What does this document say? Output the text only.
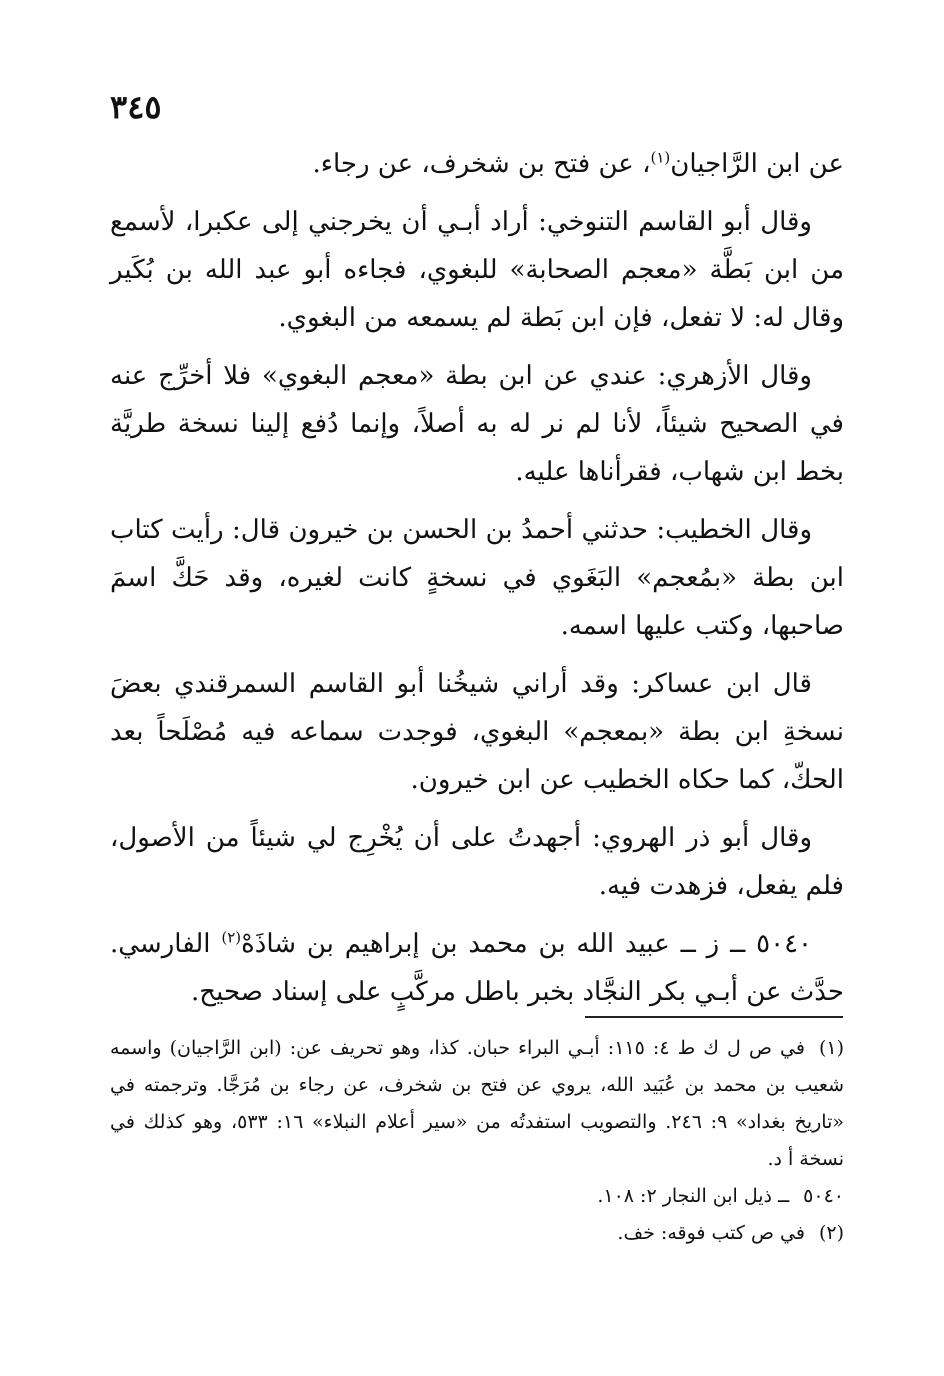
٣٤٥

عن ابن الرَّاجيان$^{(١)}$، عن فتح بن شخرف، عن رجاء.

وقال أبو القاسم التنوخي: أراد أبـي أن يخرجني إلى عكبرا، لأسمع من ابن بَطَّة «معجم الصحابة» للبغوي، فجاءه أبو عبد الله بن بُكَير وقال له: لا تفعل، فإن ابن بَطة لم يسمعه من البغوي.

وقال الأزهري: عندي عن ابن بطة «معجم البغوي» فلا أخرِّج عنه في الصحيح شيئاً، لأنا لم نر له به أصلاً، وإنما دُفع إلينا نسخة طريَّة بخط ابن شهاب، فقرأناها عليه.

وقال الخطيب: حدثني أحمدُ بن الحسن بن خيرون قال: رأيت كتاب ابن بطة «بمُعجم» البَغَوي في نسخةٍ كانت لغيره، وقد حَكَّ اسمَ صاحبها، وكتب عليها اسمه.

قال ابن عساكر: وقد أراني شيخُنا أبو القاسم السمرقندي بعضَ نسخةِ ابن بطة «بمعجم» البغوي، فوجدت سماعه فيه مُصْلَحاً بعد الحكّ، كما حكاه الخطيب عن ابن خيرون.

وقال أبو ذر الهروي: أجهدتُ على أن يُخْرِج لي شيئاً من الأصول، فلم يفعل، فزهدت فيه.

٥٠٤٠ ــ ز ــ عبيد الله بن محمد بن إبراهيم بن شاذَهْ$^{(٢)}$ الفارسي. حدَّث عن أبـي بكر النجَّاد بخبر باطل مركَّبٍ على إسناد صحيح.

(١)في ص ل ك ط ٤: ١١٥: أبـي البراء حبان. كذا، وهو تحريف عن: (ابن الرَّاجيان) واسمه شعيب بن محمد بن عُبَيد الله، يروي عن فتح بن شخرف، عن رجاء بن مُرَجَّا. وترجمته في «تاريخ بغداد» ٩: ٢٤٦. والتصويب استفدتُه من «سير أعلام النبلاء» ١٦: ٥٣٣، وهو كذلك في نسخة أ د.

٥٠٤٠ــ ذيل ابن النجار ٢: ١٠٨.

(٢)في ص كتب فوقه: خف.
